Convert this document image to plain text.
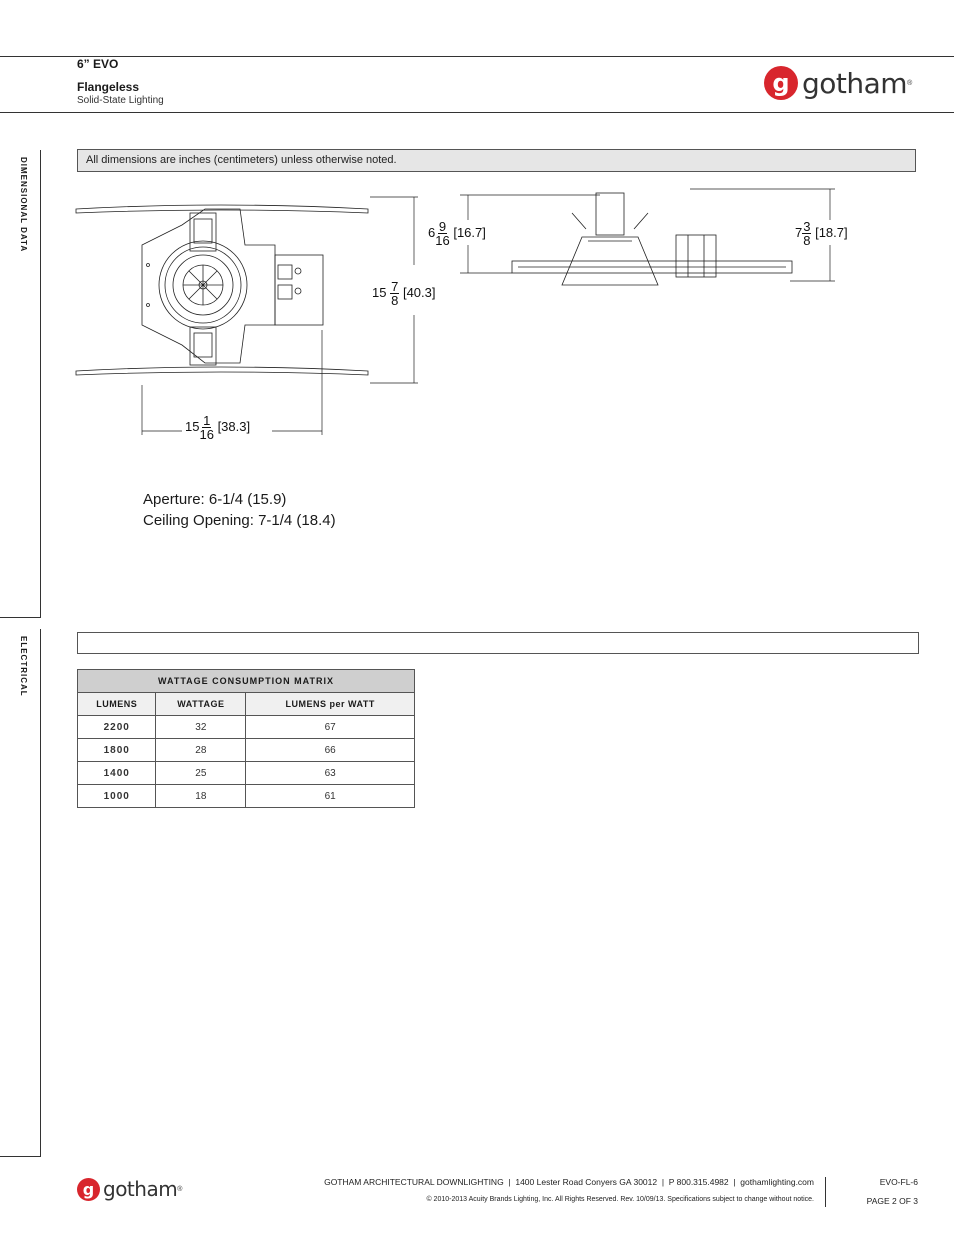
6” EVO
Flangeless
Solid-State Lighting
g gotham ®
DIMENSIONAL DATA
ELECTRICAL
All dimensions are inches (centimeters) unless otherwise noted.
$15 \frac{7}{8} [40.3]$
$15 \frac{1}{16} [38.3]$
$6 \frac{9}{16} [16.7]$	$7 \frac{3}{8} [18.7]$
Aperture: 6-1/4 (15.9)
Ceiling Opening: 7-1/4 (18.4)
WATTAGE CONSUMPTION MATRIX		
LUMENS	WATTAGE	LUMENS per WATT
2200	32	67
1800	28	66
1400	25	63
1000	18	61
g gotham ®
GOTHAM ARCHITECTURAL DOWNLIGHTING  |  1400 Lester Road Conyers GA 30012  |  P 800.315.4982  |  gothamlighting.com
© 2010-2013 Acuity Brands Lighting, Inc. All Rights Reserved. Rev. 10/09/13. Specifications subject to change without notice.
EVO-FL-6
PAGE 2 OF 3
